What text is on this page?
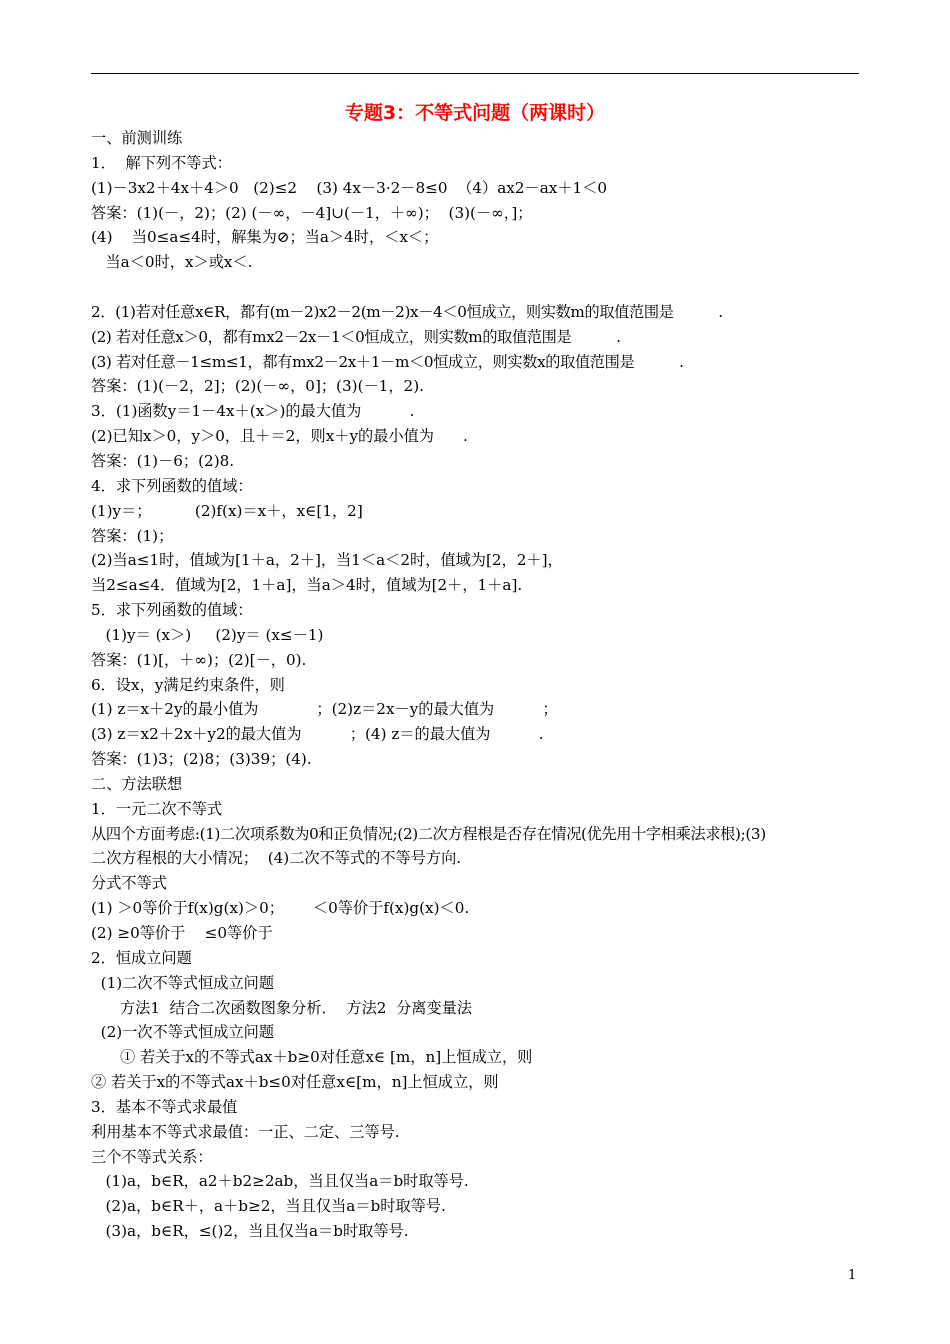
专题3：不等式问题（两课时）
一、前测训练
1．  解下列不等式：
(1)－3x2＋4x＋4＞0   (2)≤2    (3) 4x－3·2－8≤0  （4）ax2－ax＋1＜0
答案：(1)(－，2)；(2) (－∞，－4]∪(－1，＋∞)；  (3)(－∞，]；
(4)    当0≤a≤4时，解集为⊘；当a＞4时，＜x＜；
当a＜0时，x＞或x＜.
2．(1)若对任意x∈R，都有(m－2)x2－2(m－2)x－4＜0恒成立，则实数m的取值范围是          .
(2) 若对任意x＞0，都有mx2－2x－1＜0恒成立，则实数m的取值范围是          .
(3) 若对任意－1≤m≤1，都有mx2－2x＋1－m＜0恒成立，则实数x的取值范围是          .
答案：(1)(－2，2]；(2)(－∞，0]；(3)(－1，2).
3．(1)函数y＝1－4x＋(x＞)的最大值为          .
(2)已知x＞0，y＞0，且＋＝2，则x＋y的最小值为      .
答案：(1)－6；(2)8.
4．求下列函数的值域：
(1)y＝；         (2)f(x)＝x＋，x∈[1，2]
答案：(1)；
(2)当a≤1时，值域为[1＋a，2＋]，当1＜a＜2时，值域为[2，2＋]，
当2≤a≤4．值域为[2，1＋a]，当a＞4时，值域为[2＋，1＋a].
5．求下列函数的值域：
(1)y＝ (x＞)     (2)y＝ (x≤－1)
答案：(1)[，＋∞)；(2)[－，0).
6．设x，y满足约束条件，则
(1) z＝x＋2y的最小值为            ；(2)z＝2x－y的最大值为          ；
(3) z＝x2＋2x＋y2的最大值为          ；(4) z＝的最大值为          .
答案：(1)3；(2)8；(3)39；(4).
二、方法联想
1．一元二次不等式
从四个方面考虑:(1)二次项系数为0和正负情况;(2)二次方程根是否存在情况(优先用十字相乘法求根);(3)
二次方程根的大小情况；  (4)二次不等式的不等号方向.
分式不等式
(1) ＞0等价于f(x)g(x)＞0；      ＜0等价于f(x)g(x)＜0.
(2) ≥0等价于    ≤0等价于
2．恒成立问题
(1)二次不等式恒成立问题
方法1  结合二次函数图象分析．  方法2  分离变量法
(2)一次不等式恒成立问题
① 若关于x的不等式ax＋b≥0对任意x∈ [m，n]上恒成立，则
② 若关于x的不等式ax＋b≤0对任意x∈[m，n]上恒成立，则
3．基本不等式求最值
利用基本不等式求最值：一正、二定、三等号.
三个不等式关系：
(1)a，b∈R，a2＋b2≥2ab，当且仅当a＝b时取等号.
(2)a，b∈R＋，a＋b≥2，当且仅当a＝b时取等号.
(3)a，b∈R，≤()2，当且仅当a＝b时取等号.
1
